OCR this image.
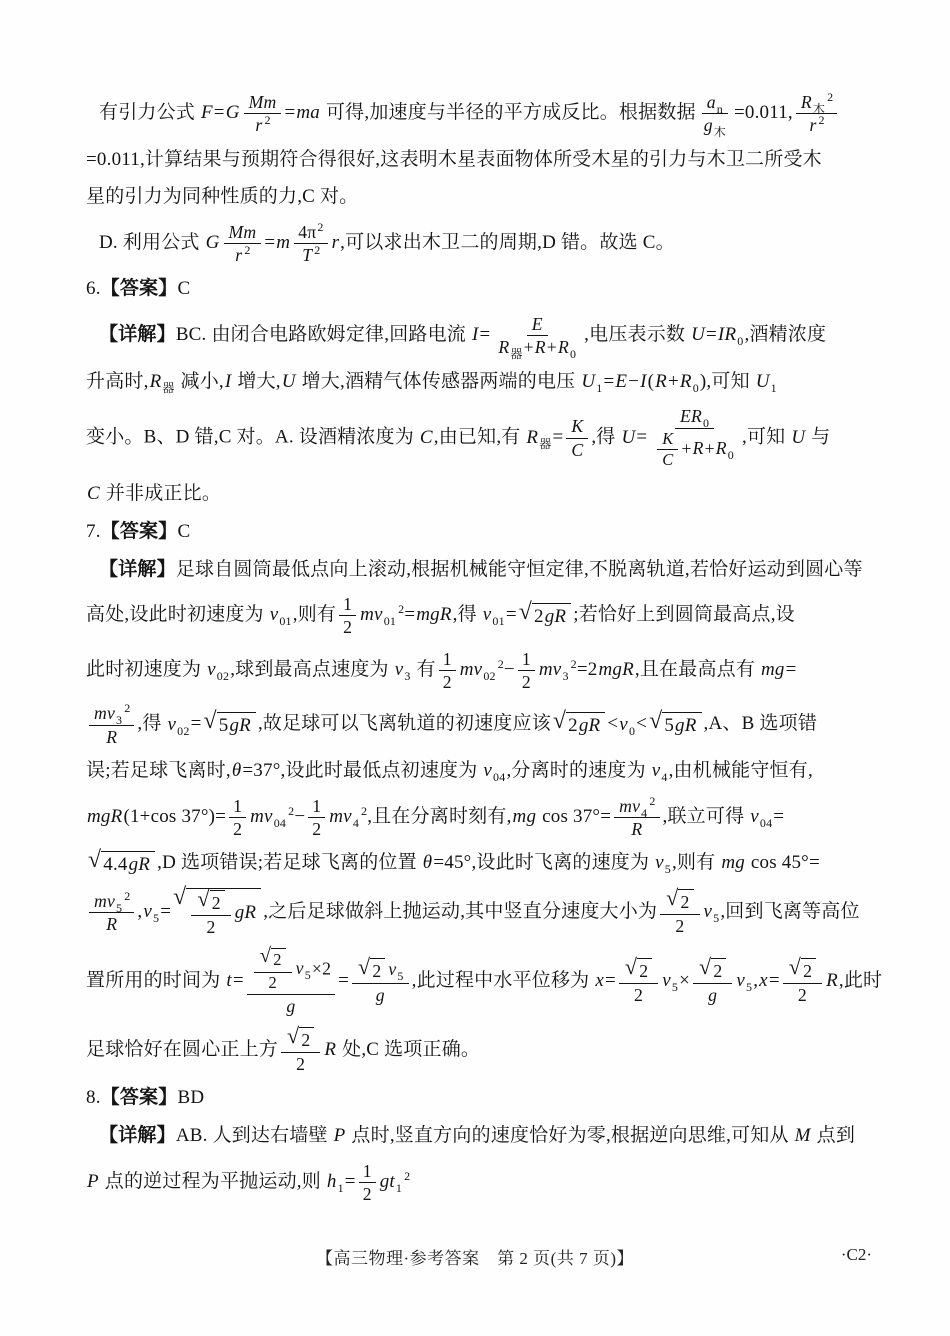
有引力公式 $F=G \frac{Mm}{r ^2} =ma$ 可得,加速度与半径的平方成反比。根据数据 $\frac{a_n}{g_木} =0.011$, $\frac{R_木^2}{r ^2}$
=0.011,计算结果与预期符合得很好,这表明木星表面物体所受木星的引力与木卫二所受木
星的引力为同种性质的力,C 对。
D. 利用公式 G $\frac{Mm}{r ^2} =m \frac{4\pi^2}{T ^2} r$,可以求出木卫二的周期,D 错。故选 C。
6.【答案】C
【详解】BC. 由闭合电路欧姆定律,回路电流 $I= \frac{E}{R_器+R+R_0}$ ,电压表示数 $U=IR_0$,酒精浓度
升高时$,R_器$ 减小,I 增大,U 增大,酒精气体传感器两端的电压 $U_1=E-I(R+R_0)$,可知 $U_1$
变小。B、D 错,C 对。A. 设酒精浓度为 C,由已知,有 $R_器= \frac{K}{C}$ ,得 $U= \frac{ER_0}{\frac{K}{C} +R+R_0}$ ,可知 U 与
C 并非成正比。
7.【答案】C
【详解】足球自圆筒最低点向上滚动,根据机械能守恒定律,不脱离轨道,若恰好运动到圆心等
高处,设此时初速度为 $v_{01}$,则有 $\frac{1}{2} mv_{01}^2=mgR$,得 $v_{01}=$ √ 2gR ;若恰好上到圆筒最高点,设
此时初速度为 $v_{02}$,球到最高点速度为 $v_3$ 有 $\frac{1}{2} mv_{02}^2- \frac{1}{2} mv_3^2=2mgR$,且在最高点有 mg=
$\frac{mv_3^2}{R}$ ,得 $v_{02}=$ √ 5gR ,故足球可以飞离轨道的初速度应该 √ $2gR <v_0<$ √ 5gR ,A、B 选项错
误;若足球飞离时,θ=37°,设此时最低点初速度为 $v_{04}$,分离时的速度为 $v_4$,由机械能守恒有,
mgR(1+cos $37^\circ)= \frac{1}{2} mv_{04}^2- \frac{1}{2} mv_4^2$,且在分离时刻有,mg $\cos 37^\circ= \frac{mv_4^2}{R}$ ,联立可得 $v_{04}=$
√ 4.4gR ,D 选项错误;若足球飞离的位置 θ=45°,设此时飞离的速度为 $v_5$,则有 mg cos 45°=
$\frac{mv_5^2}{R} ,v_5=$
√ $\frac{√ 2}{2}$ gR ,之后足球做斜上抛运动,其中竖直分速度大小为 $\frac{√ 2}{2} v_5$,回到飞离等高位
置所用的时间为 $t= \frac{\frac{√ 2}{2} v_5\times 2}{g} = \frac{√ 2 v_5}{g}$ ,此过程中水平位移为 $x= \frac{√ 2}{2} v_5\times \frac{√ 2}{g} v_5,x= \frac{√ 2}{2} R$,此时
足球恰好在圆心正上方 $\frac{√ 2}{2}$ R 处,C 选项正确。
8.【答案】BD
【详解】AB. 人到达右墙壁 P 点时,竖直方向的速度恰好为零,根据逆向思维,可知从 M 点到
P 点的逆过程为平抛运动,则 $h_1= \frac{1}{2} gt_1^2$
【高三物理·参考答案　第 2 页(共 7 页)】	·C2·
